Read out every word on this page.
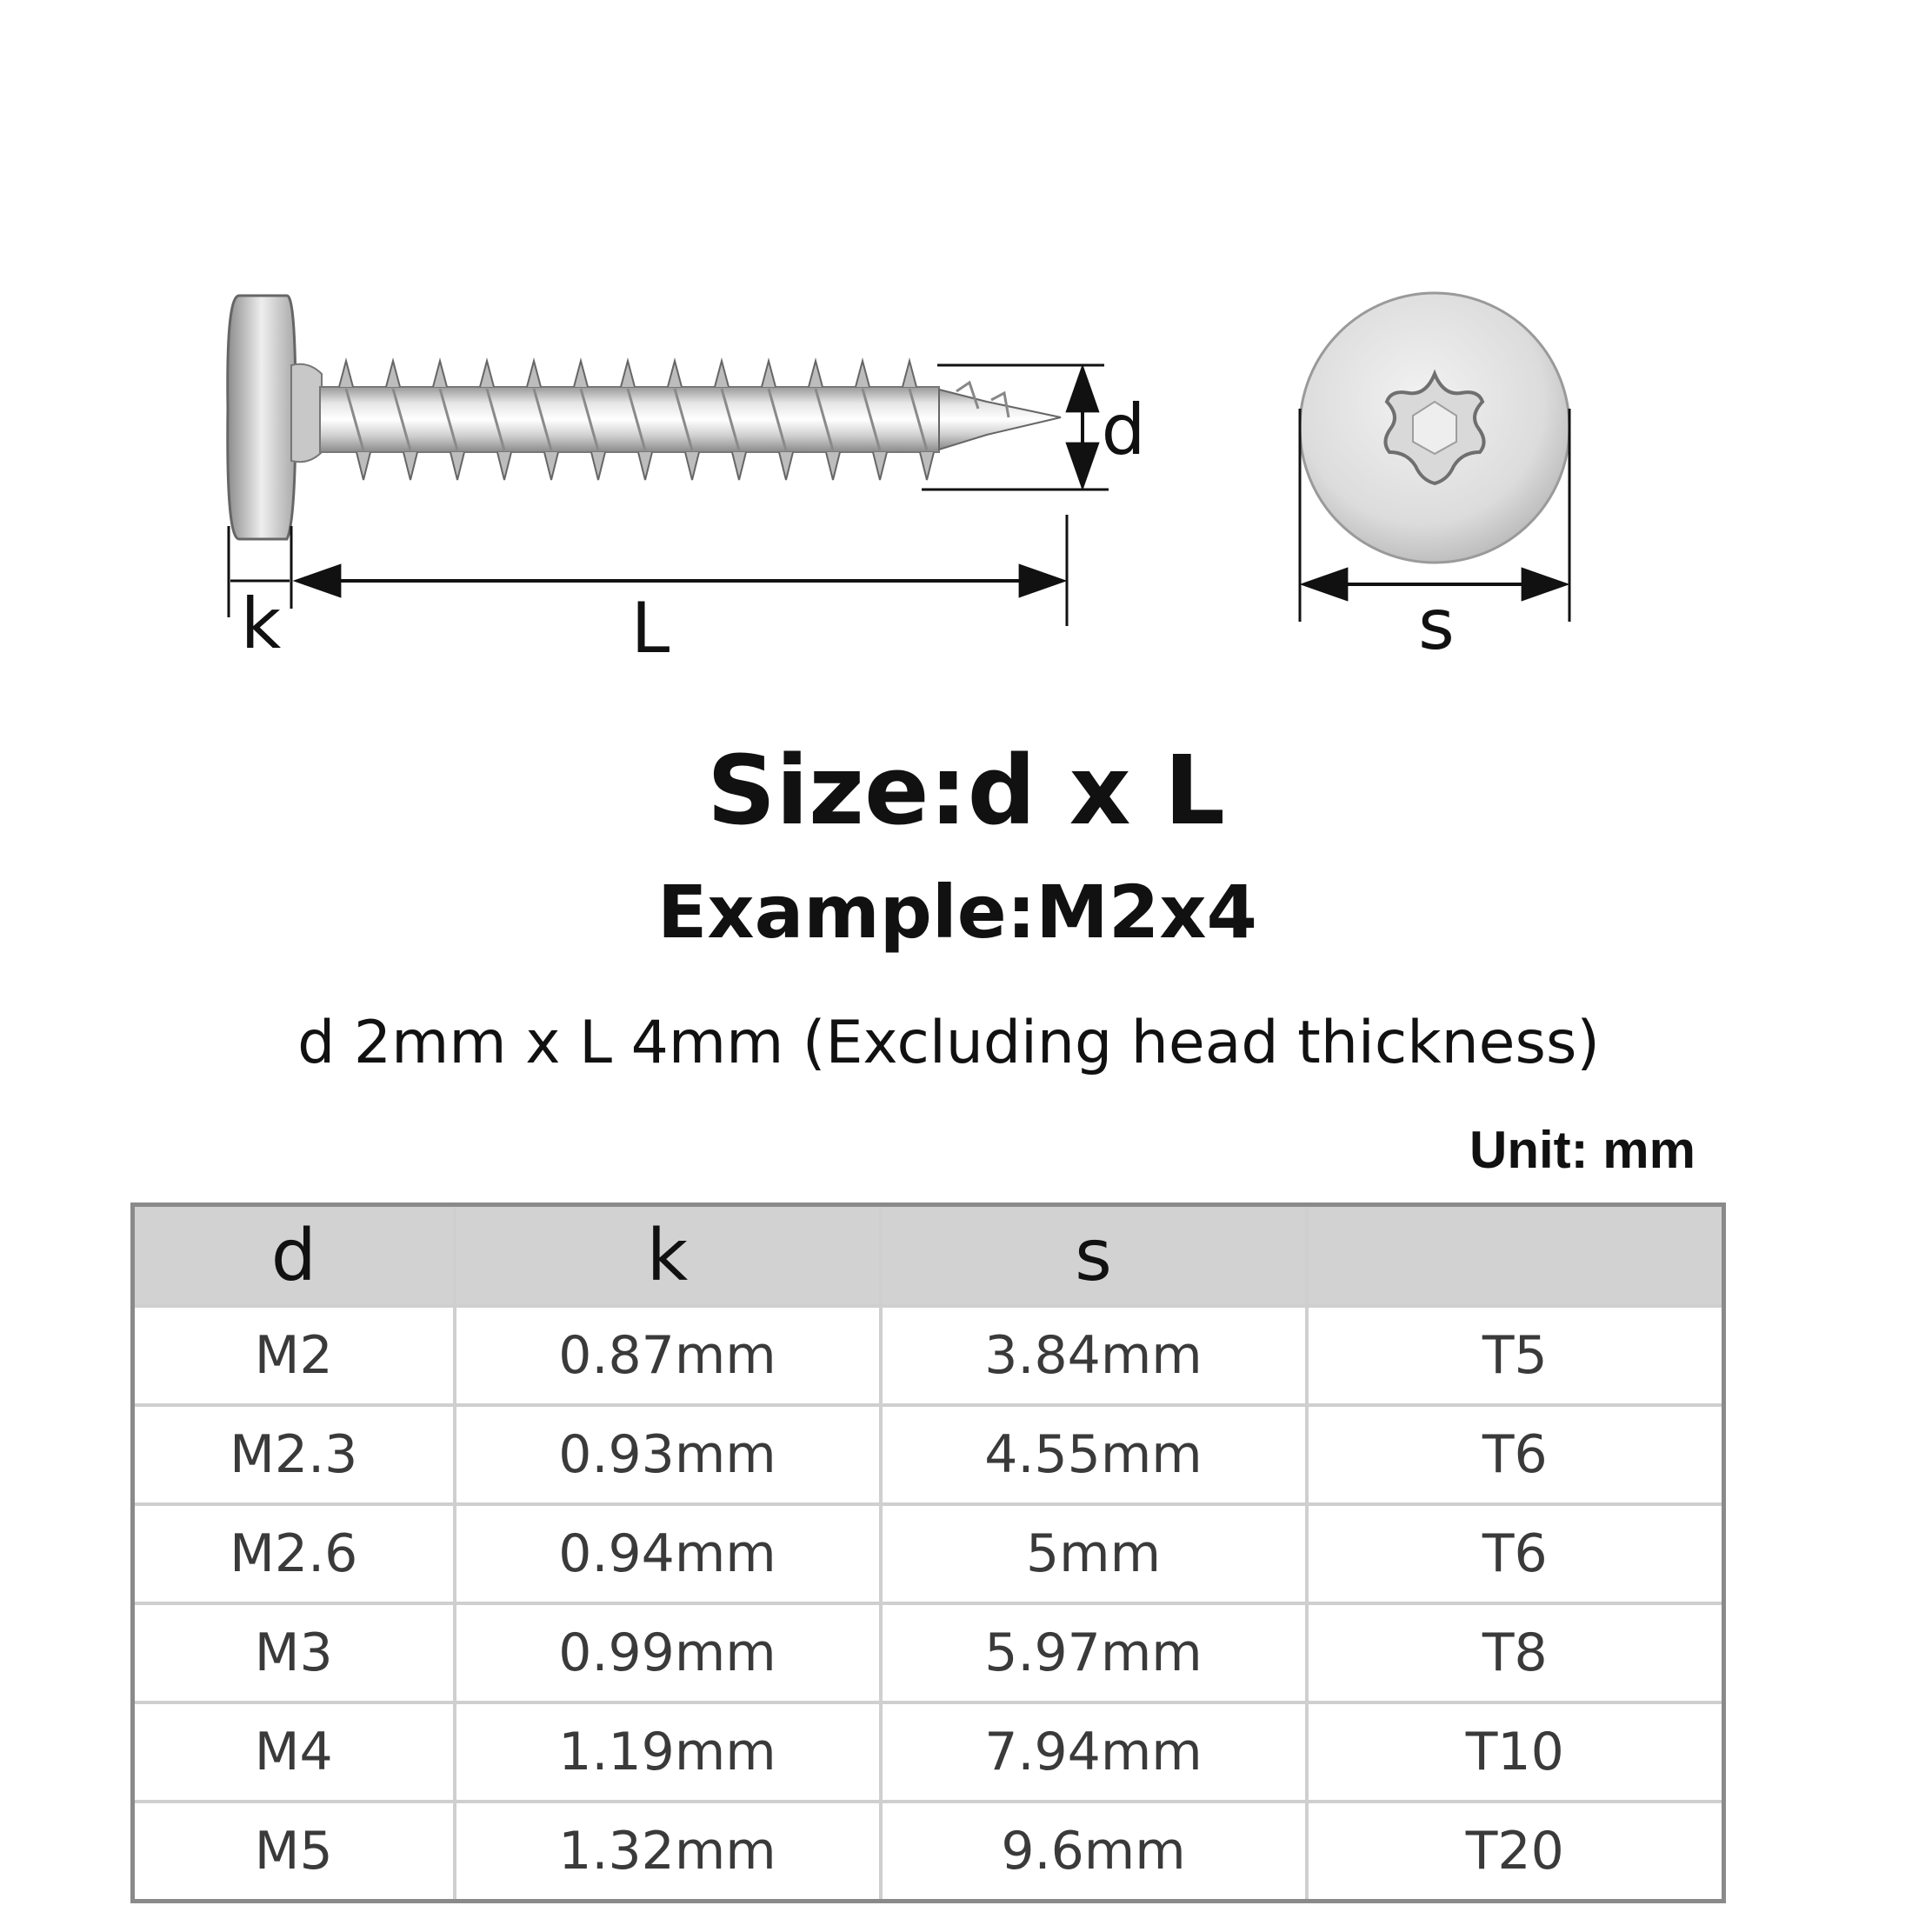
k	L
d
s
Size:d x L
Example:M2x4
d 2mm x L 4mm (Excluding head thickness)
Unit: mm
d	k	s	
M2	0.87mm	3.84mm	T5
M2.3	0.93mm	4.55mm	T6
M2.6	0.94mm	5mm	T6
M3	0.99mm	5.97mm	T8
M4	1.19mm	7.94mm	T10
M5	1.32mm	9.6mm	T20
